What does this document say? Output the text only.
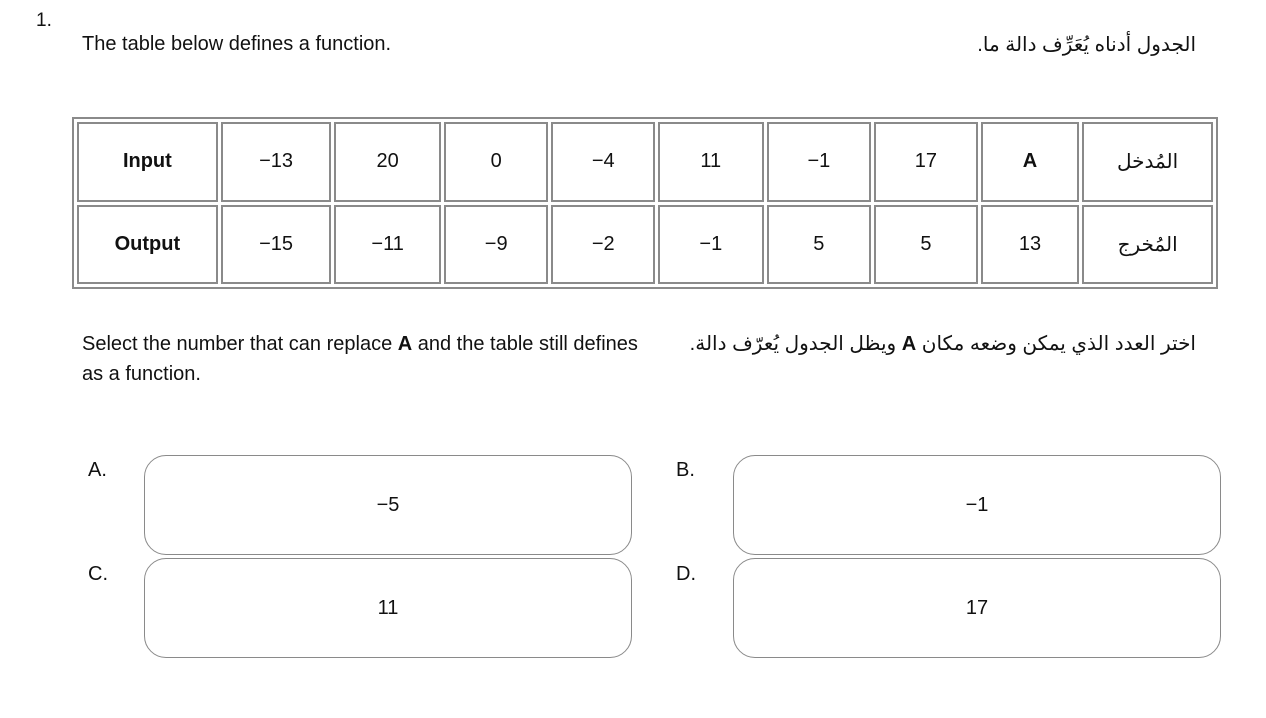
1.
The table below defines a function.	الجدول أدناه يُعَرِّف دالة ما.
Input	−13	20	0	−4	11	−1	17	A	المُدخل
Output	−15	−11	−9	−2	−1	5	5	13	المُخرج
Select the number that can replace A and the table still defines as a function.
اختر العدد الذي يمكن وضعه مكان A ويظل الجدول يُعرّف دالة.
A.
−5
B.
−1
C.
11
D.
17
